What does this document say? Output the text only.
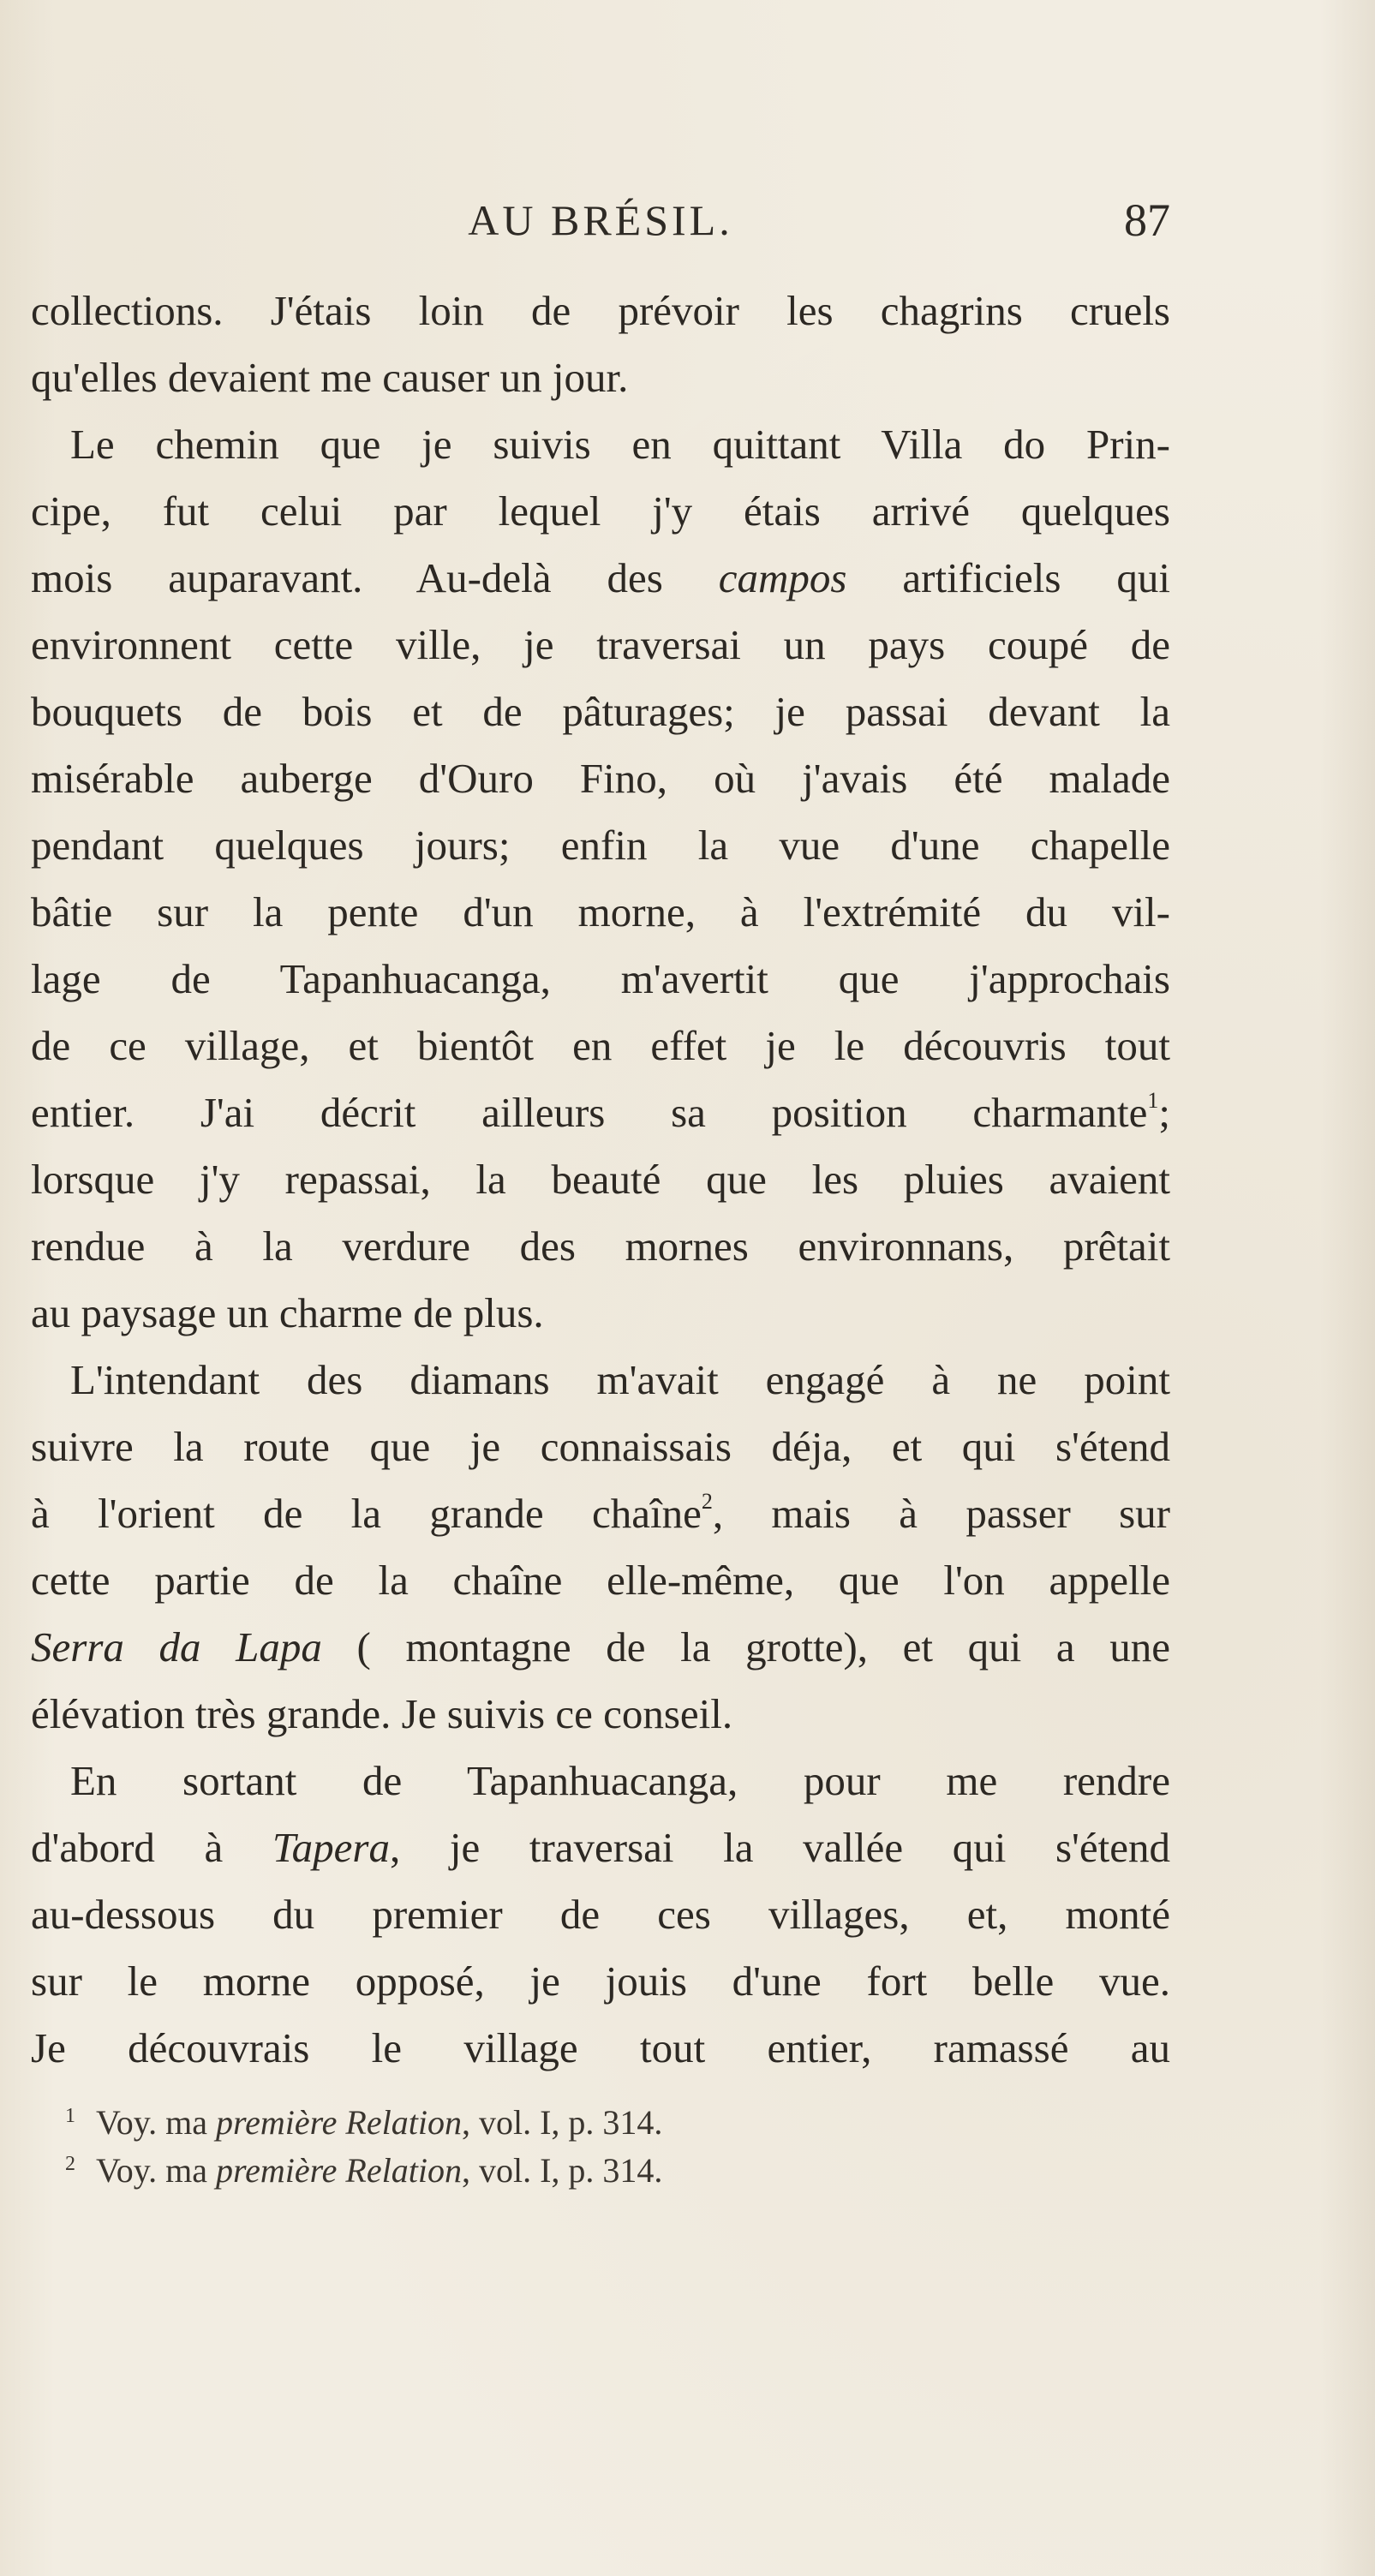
AU BRÉSIL.	87
collections. J'étais loin de prévoir les chagrins cruels
qu'elles devaient me causer un jour.
Le chemin que je suivis en quittant Villa do Prin-
cipe, fut celui par lequel j'y étais arrivé quelques
mois auparavant. Au-delà des campos artificiels qui
environnent cette ville, je traversai un pays coupé de
bouquets de bois et de pâturages; je passai devant la
misérable auberge d'Ouro Fino, où j'avais été malade
pendant quelques jours; enfin la vue d'une chapelle
bâtie sur la pente d'un morne, à l'extrémité du vil-
lage de Tapanhuacanga, m'avertit que j'approchais
de ce village, et bientôt en effet je le découvris tout
entier. J'ai décrit ailleurs sa position charmante$^1$;
lorsque j'y repassai, la beauté que les pluies avaient
rendue à la verdure des mornes environnans, prêtait
au paysage un charme de plus.
L'intendant des diamans m'avait engagé à ne point
suivre la route que je connaissais déja, et qui s'étend
à l'orient de la grande chaîne$^2$, mais à passer sur
cette partie de la chaîne elle-même, que l'on appelle
Serra da Lapa ( montagne de la grotte), et qui a une
élévation très grande. Je suivis ce conseil.
En sortant de Tapanhuacanga, pour me rendre
d'abord à Tapera, je traversai la vallée qui s'étend
au-dessous du premier de ces villages, et, monté
sur le morne opposé, je jouis d'une fort belle vue.
Je découvrais le village tout entier, ramassé au
1 Voy. ma première Relation, vol. I, p. 314.
2 Voy. ma première Relation, vol. I, p. 314.
